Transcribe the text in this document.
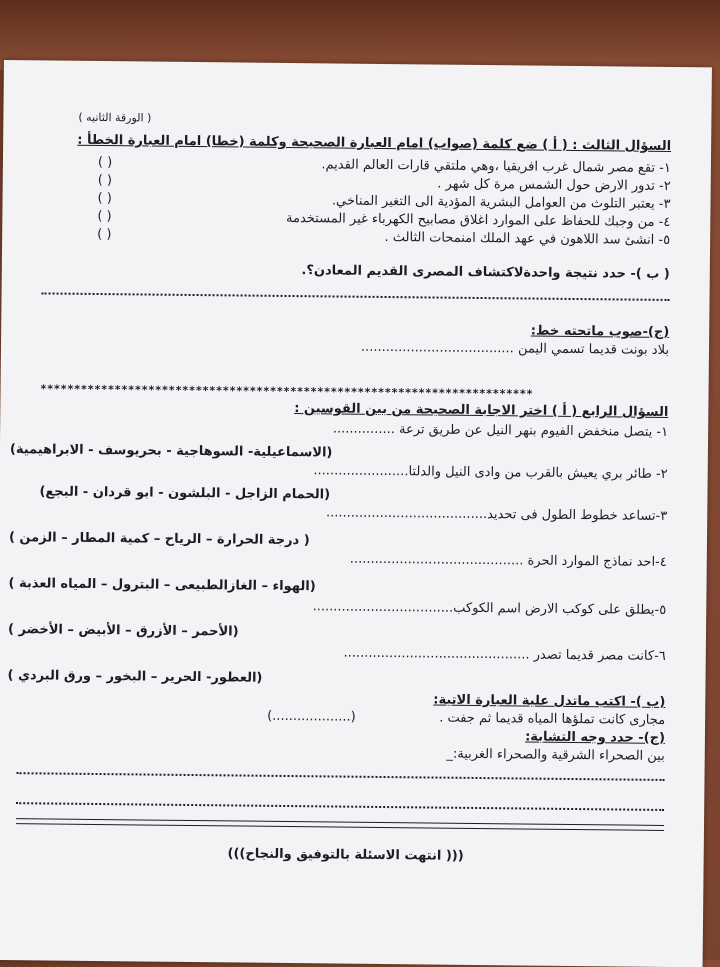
( الورقة الثانيه )
السؤال الثالث : ( أ ) ضع كلمة (صواب) امام العبارة الصحيحة وكلمة (خطا) امام العبارة الخطأ :
١- تقع مصر شمال غرب افريقيا ،وهي ملتقي قارات العالم القديم.
( )
٢- تدور الارض حول الشمس مرة كل شهر .
( )
٣- يعتبر التلوث من العوامل البشرية المؤدية الى التغير المناخي.
( )
٤- من وجبك للحفاظ على الموارد اغلاق مصابيح الكهرباء غير المستخدمة
( )
٥- انشئ سد اللاهون في عهد الملك امنمحات الثالث .
( )
( ب )- حدد نتيجة واحدةلاكتشاف المصرى القديم المعادن؟.
(ج)-صوب ماتحته خط:
بلاد بونت قديما تسمي اليمن .....................................
*************************************************************************
السؤال الرابع ( أ ) اختر الاجابة الصحيحة من بين القوسين :
١- يتصل منخفض الفيوم بنهر النيل عن طريق ترعة ...............
(الاسماعيلية- السوهاجية - بحريوسف - الابراهيمية)
٢- طائر بري يعيش بالقرب من وادى النيل والدلتا.......................
(الحمام الزاجل - البلشون - ابو قردان - البجع)
٣-تساعد خطوط الطول فى تحديد.......................................
( درجة الحرارة – الرياح – كمية المطار – الزمن )
٤-احد نماذج الموارد الحرة ..........................................
(الهواء – الغازالطبيعى – البترول – المياه العذبة )
٥-يطلق على كوكب الارض اسم الكوكب..................................
(الأحمر – الأزرق – الأبيض – الأخضر )
٦-كانت مصر قديما تصدر .............................................
(العطور- الحرير – البخور – ورق البردي )
(ب )- اكتب ماتدل علية العبارة الاتية:
مجارى كانت تملؤها المياه قديما ثم جفت .
(...................)
(ج)- حدد وجه التشابة:
بين الصحراء الشرقية والصحراء الغربية:_
((( انتهت الاسئلة بالتوفيق والنجاح)))
